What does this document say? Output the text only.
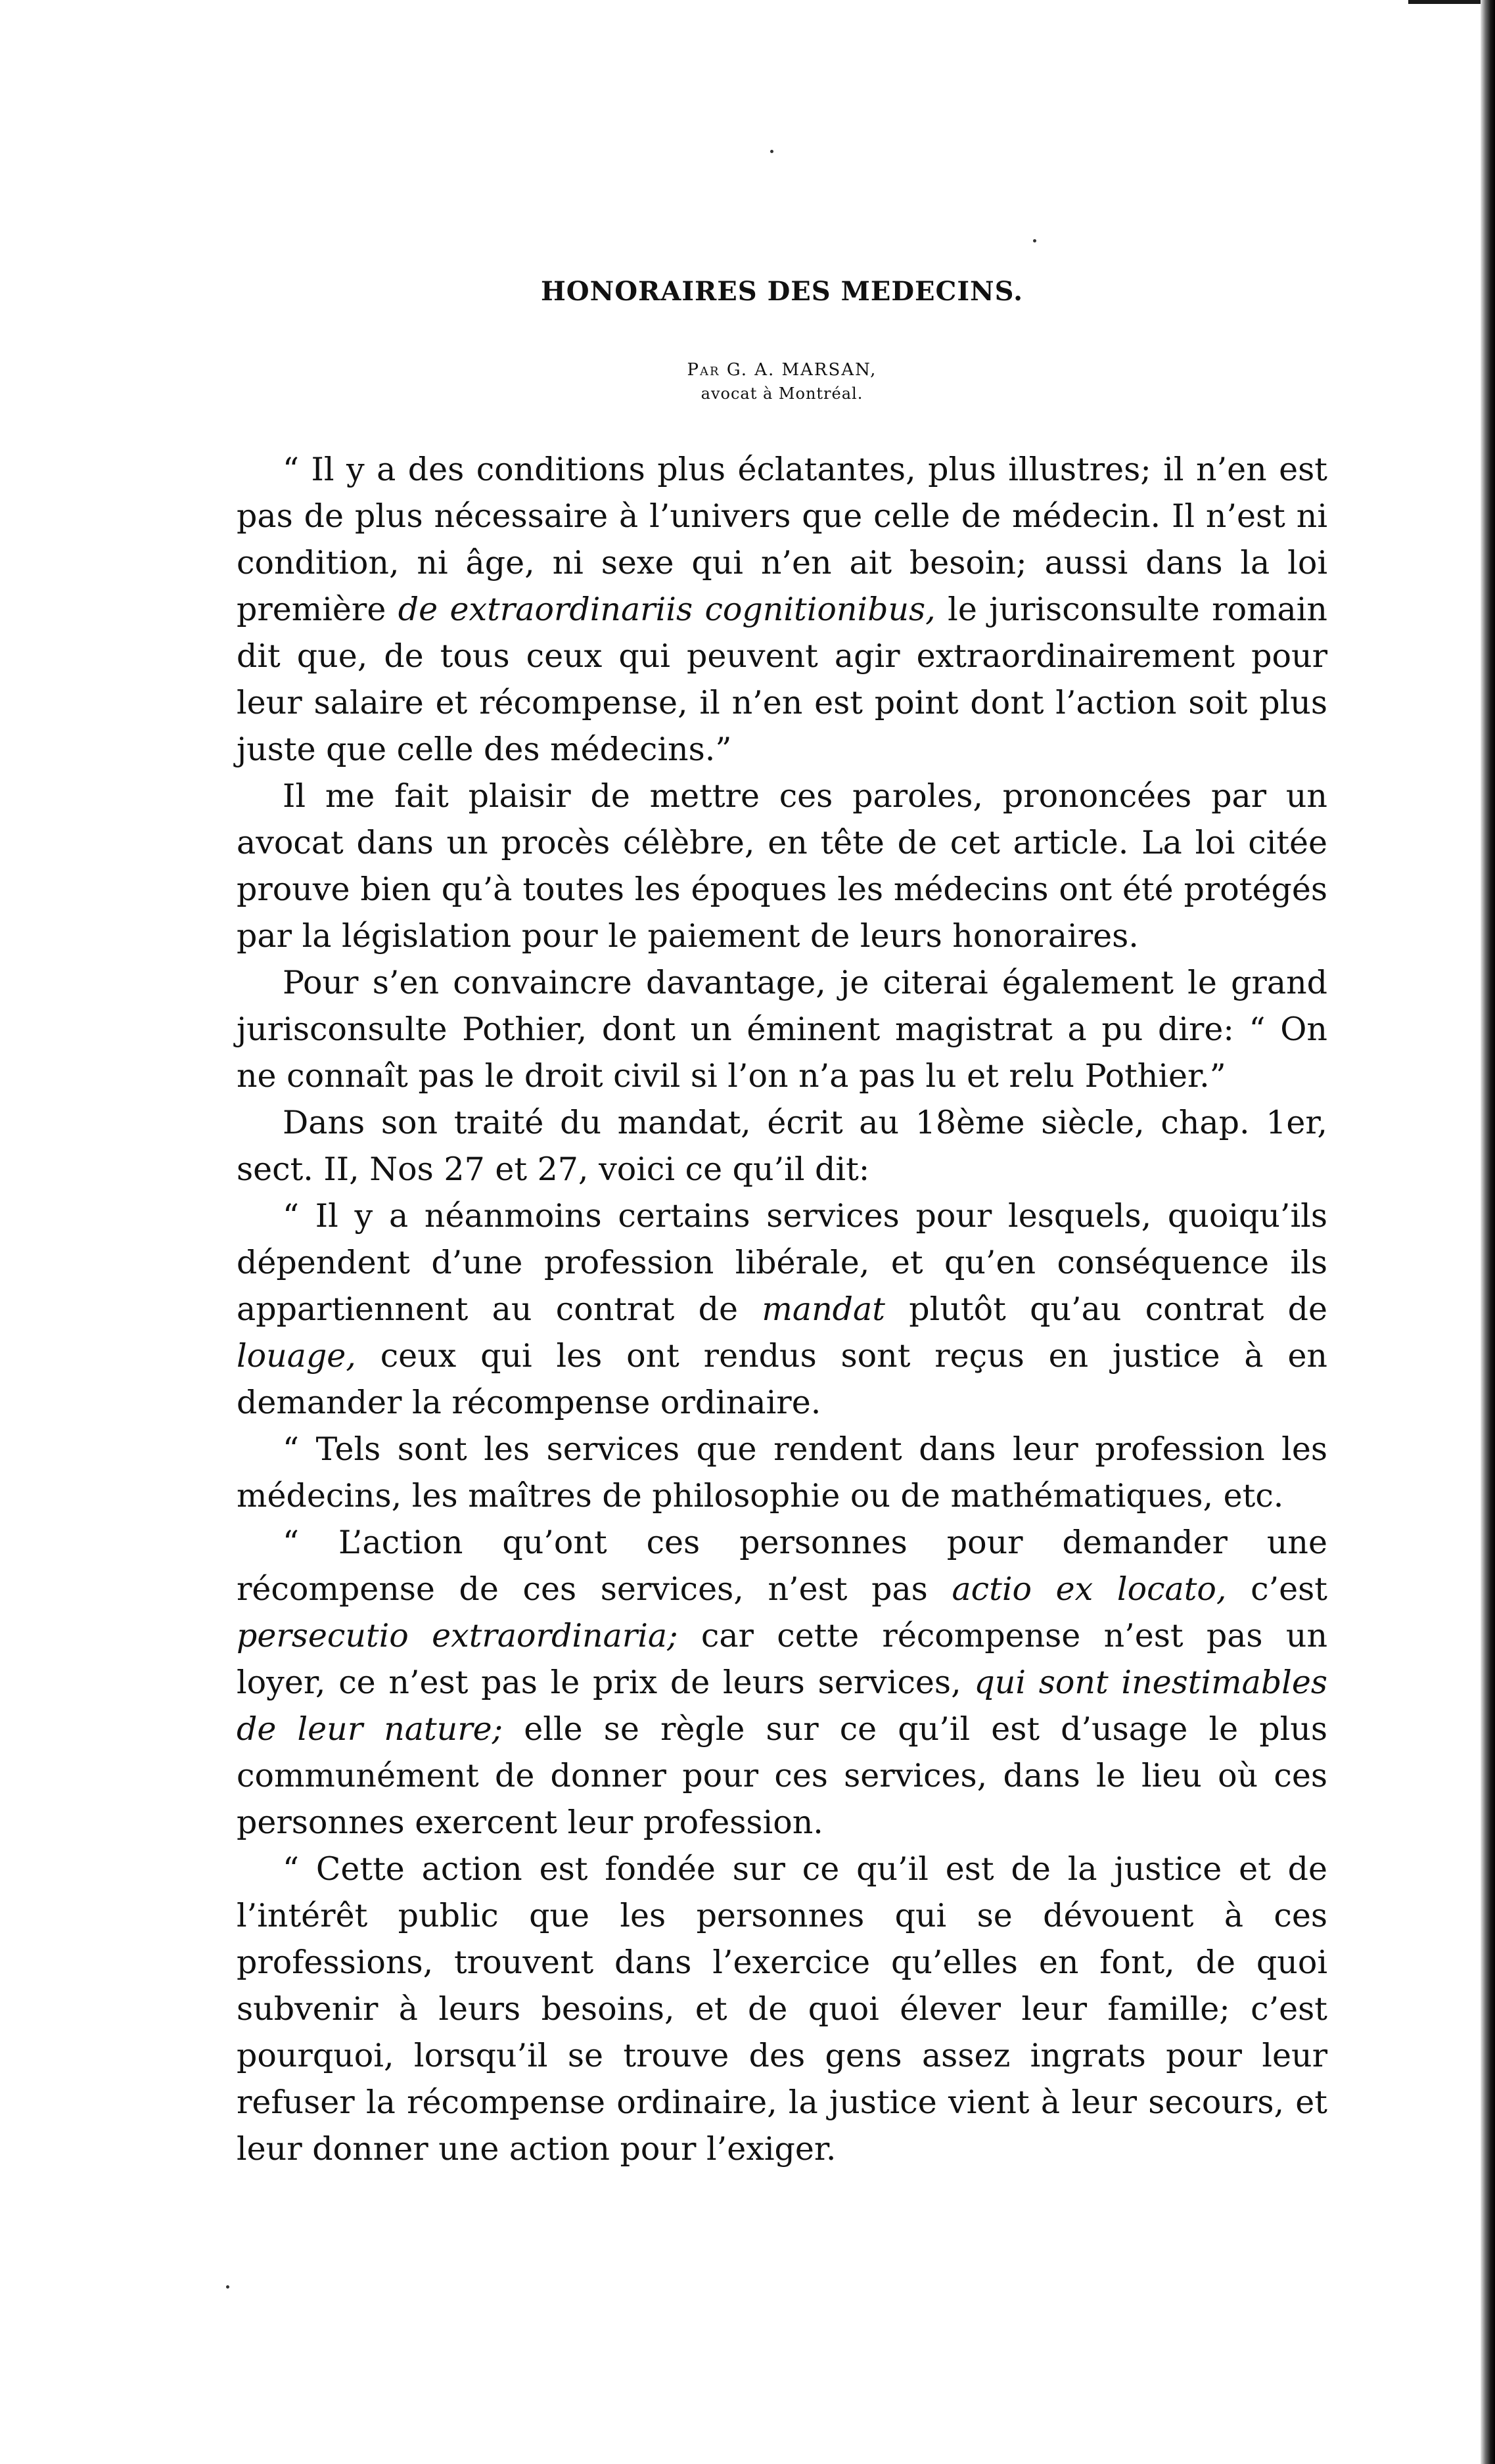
HONORAIRES DES MEDECINS.
Par G. A. MARSAN,
avocat à Montréal.

“ Il y a des conditions plus éclatantes, plus illustres; il n’en est pas de plus nécessaire à l’univers que celle de médecin. Il n’est ni condition, ni âge, ni sexe qui n’en ait besoin; aussi dans la loi première de extraordinariis cognitionibus, le jurisconsulte romain dit que, de tous ceux qui peuvent agir extraordinairement pour leur salaire et récompense, il n’en est point dont l’action soit plus juste que celle des médecins.”

Il me fait plaisir de mettre ces paroles, prononcées par un avocat dans un procès célèbre, en tête de cet article. La loi citée prouve bien qu’à toutes les époques les médecins ont été protégés par la législation pour le paiement de leurs honoraires.

Pour s’en convaincre davantage, je citerai également le grand jurisconsulte Pothier, dont un éminent magistrat a pu dire: “ On ne connaît pas le droit civil si l’on n’a pas lu et relu Pothier.”

Dans son traité du mandat, écrit au 18ème siècle, chap. 1er, sect. II, Nos 27 et 27, voici ce qu’il dit:

“ Il y a néanmoins certains services pour lesquels, quoiqu’ils dépendent d’une profession libérale, et qu’en conséquence ils appartiennent au contrat de mandat plutôt qu’au contrat de louage, ceux qui les ont rendus sont reçus en justice à en demander la récompense ordinaire.

“ Tels sont les services que rendent dans leur profession les médecins, les maîtres de philosophie ou de mathématiques, etc.

“ L’action qu’ont ces personnes pour demander une récompense de ces services, n’est pas actio ex locato, c’est persecutio extraordinaria; car cette récompense n’est pas un loyer, ce n’est pas le prix de leurs services, qui sont inestimables de leur nature; elle se règle sur ce qu’il est d’usage le plus communément de donner pour ces services, dans le lieu où ces personnes exercent leur profession.

“ Cette action est fondée sur ce qu’il est de la justice et de l’intérêt public que les personnes qui se dévouent à ces professions, trouvent dans l’exercice qu’elles en font, de quoi subvenir à leurs besoins, et de quoi élever leur famille; c’est pourquoi, lorsqu’il se trouve des gens assez ingrats pour leur refuser la récompense ordinaire, la justice vient à leur secours, et leur donner une action pour l’exiger.
